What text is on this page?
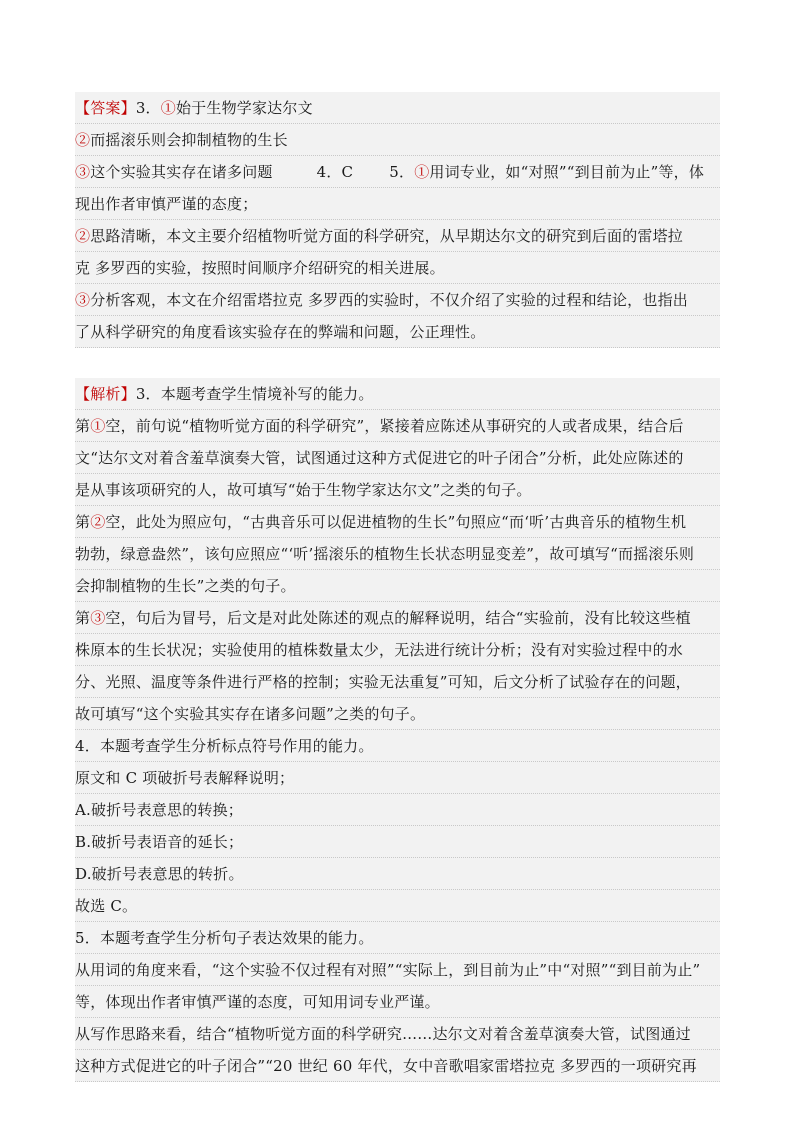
【答案】3．①始于生物学家达尔文
②而摇滚乐则会抑制植物的生长
③这个实验其实存在诸多问题	4．C 5．①用词专业，如“对照”“到目前为止”等，体
现出作者审慎严谨的态度；
②思路清晰，本文主要介绍植物听觉方面的科学研究，从早期达尔文的研究到后面的雷塔拉
克 多罗西的实验，按照时间顺序介绍研究的相关进展。
③分析客观，本文在介绍雷塔拉克 多罗西的实验时，不仅介绍了实验的过程和结论，也指出
了从科学研究的角度看该实验存在的弊端和问题，公正理性。
【解析】3．本题考查学生情境补写的能力。
第①空，前句说“植物听觉方面的科学研究”，紧接着应陈述从事研究的人或者成果，结合后
文“达尔文对着含羞草演奏大管，试图通过这种方式促进它的叶子闭合”分析，此处应陈述的
是从事该项研究的人，故可填写“始于生物学家达尔文”之类的句子。
第②空，此处为照应句，“古典音乐可以促进植物的生长”句照应“而‘听’古典音乐的植物生机
勃勃，绿意盎然”，该句应照应“‘听’摇滚乐的植物生长状态明显变差”，故可填写“而摇滚乐则
会抑制植物的生长”之类的句子。
第③空，句后为冒号，后文是对此处陈述的观点的解释说明，结合“实验前，没有比较这些植
株原本的生长状况；实验使用的植株数量太少，无法进行统计分析；没有对实验过程中的水
分、光照、温度等条件进行严格的控制；实验无法重复”可知，后文分析了试验存在的问题，
故可填写“这个实验其实存在诸多问题”之类的句子。
4．本题考查学生分析标点符号作用的能力。
原文和 C 项破折号表解释说明；
A.破折号表意思的转换；
B.破折号表语音的延长；
D.破折号表意思的转折。
故选 C。
5．本题考查学生分析句子表达效果的能力。
从用词的角度来看，“这个实验不仅过程有对照”“实际上，到目前为止”中“对照”“到目前为止”
等，体现出作者审慎严谨的态度，可知用词专业严谨。
从写作思路来看，结合“植物听觉方面的科学研究……达尔文对着含羞草演奏大管，试图通过
这种方式促进它的叶子闭合”“20 世纪 60 年代，女中音歌唱家雷塔拉克 多罗西的一项研究再
